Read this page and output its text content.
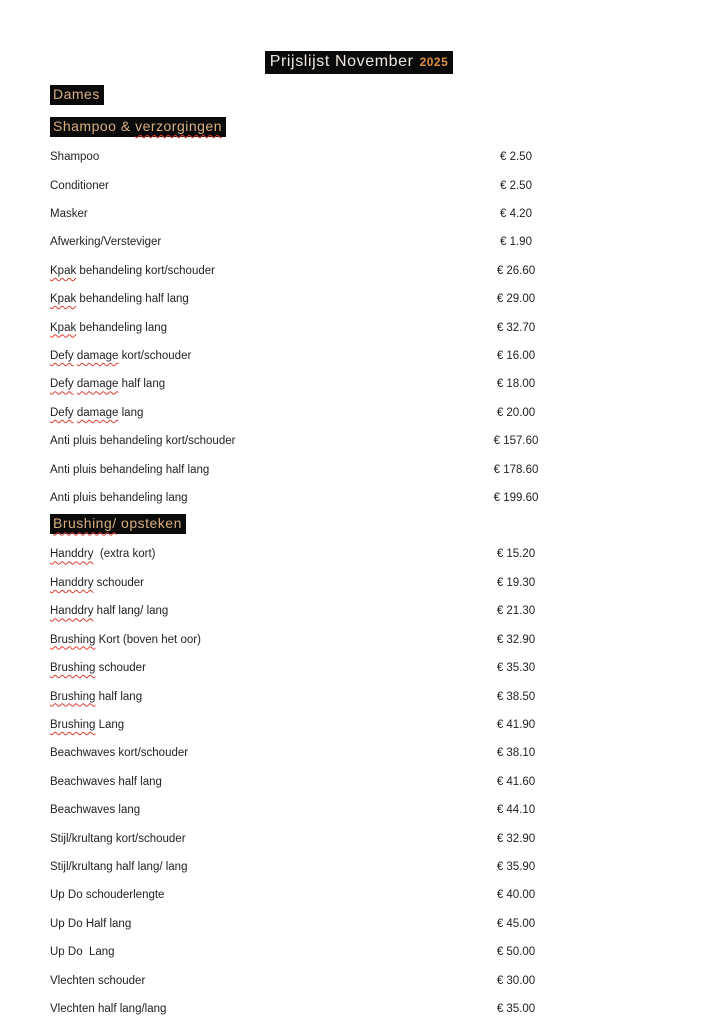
Prijslijst November 2025
Dames
Shampoo & verzorgingen
Shampoo	€ 2.50
Conditioner	€ 2.50
Masker	€ 4.20
Afwerking/Versteviger	€ 1.90
Kpak behandeling kort/schouder	€ 26.60
Kpak behandeling half lang	€ 29.00
Kpak behandeling lang	€ 32.70
Defy damage kort/schouder	€ 16.00
Defy damage half lang	€ 18.00
Defy damage lang	€ 20.00
Anti pluis behandeling kort/schouder	€ 157.60
Anti pluis behandeling half lang	€ 178.60
Anti pluis behandeling lang	€ 199.60
Brushing/ opsteken
Handdry (extra kort)	€ 15.20
Handdry schouder	€ 19.30
Handdry half lang/ lang	€ 21.30
Brushing Kort (boven het oor)	€ 32.90
Brushing schouder	€ 35.30
Brushing half lang	€ 38.50
Brushing Lang	€ 41.90
Beachwaves kort/schouder	€ 38.10
Beachwaves half lang	€ 41.60
Beachwaves lang	€ 44.10
Stijl/krultang kort/schouder	€ 32.90
Stijl/krultang half lang/ lang	€ 35.90
Up Do schouderlengte	€ 40.00
Up Do Half lang	€ 45.00
Up Do Lang	€ 50.00
Vlechten schouder	€ 30.00
Vlechten half lang/lang	€ 35.00
